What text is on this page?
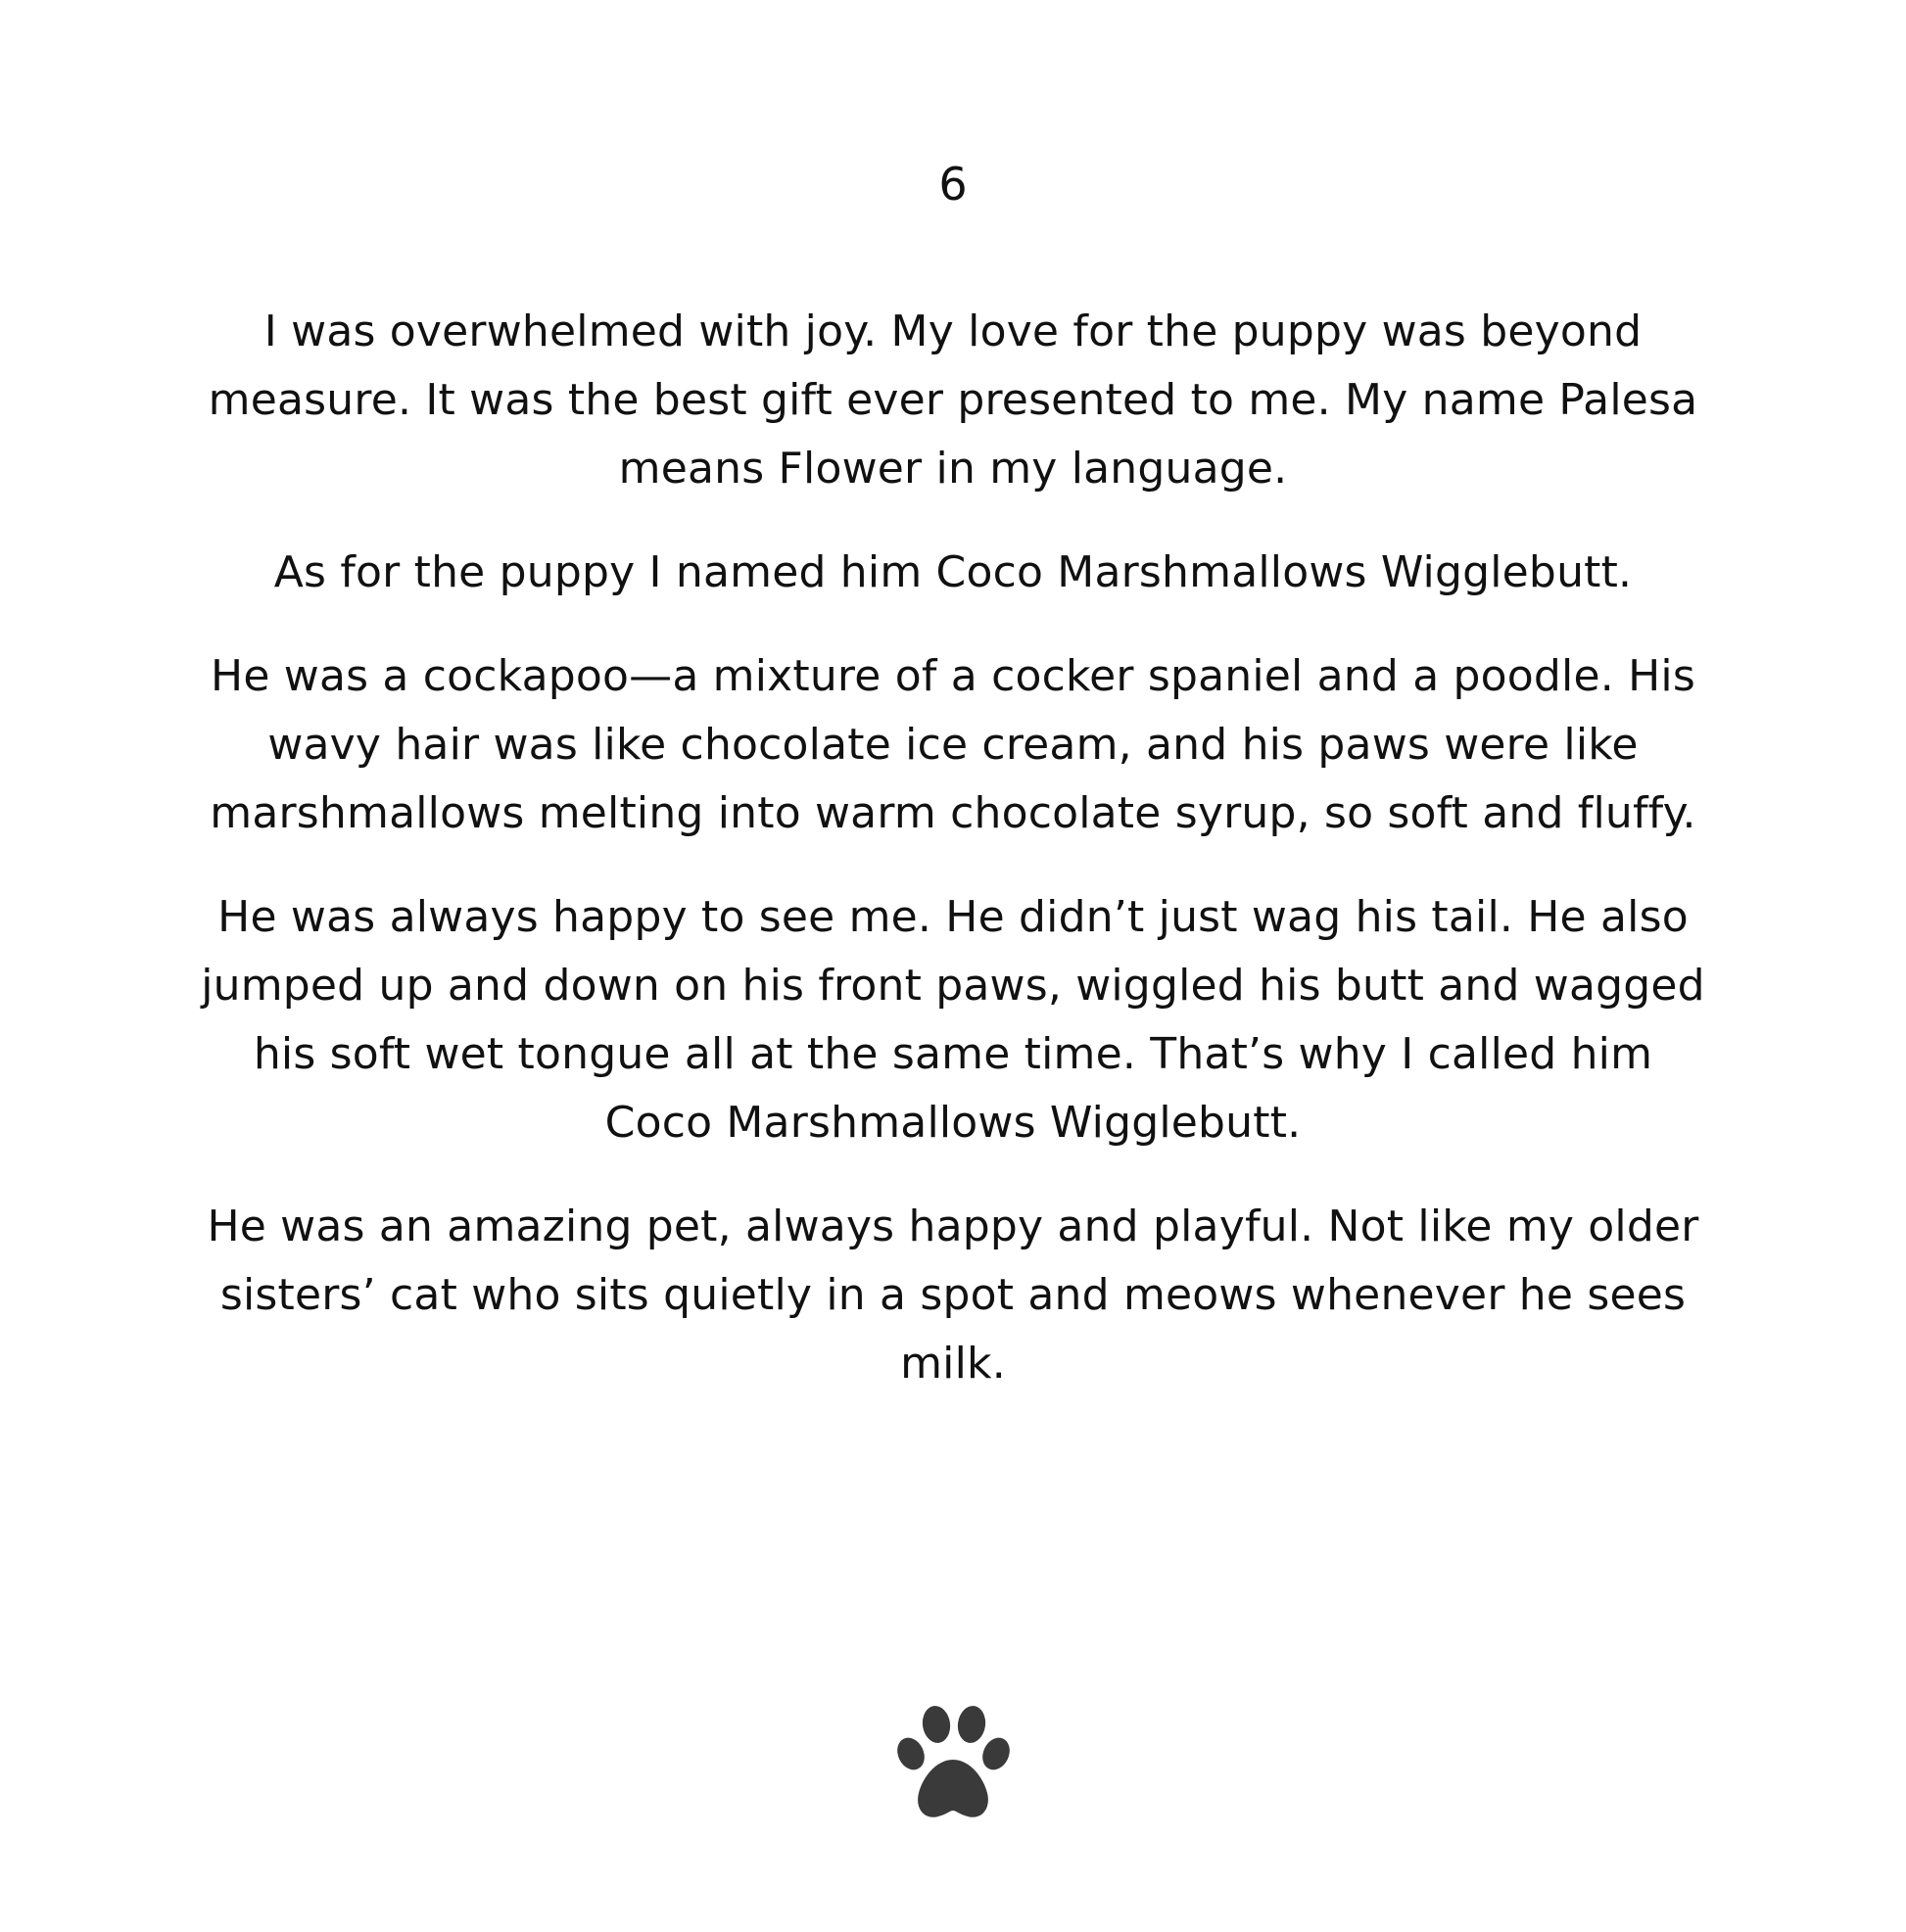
6

I was overwhelmed with joy. My love for the puppy was beyond measure. It was the best gift ever presented to me. My name Palesa means Flower in my language.

As for the puppy I named him Coco Marshmallows Wigglebutt.

He was a cockapoo—a mixture of a cocker spaniel and a poodle. His wavy hair was like chocolate ice cream, and his paws were like marshmallows melting into warm chocolate syrup, so soft and fluffy.

He was always happy to see me. He didn’t just wag his tail. He also jumped up and down on his front paws, wiggled his butt and wagged his soft wet tongue all at the same time. That’s why I called him Coco Marshmallows Wigglebutt.

He was an amazing pet, always happy and playful. Not like my older sisters’ cat who sits quietly in a spot and meows whenever he sees milk.
